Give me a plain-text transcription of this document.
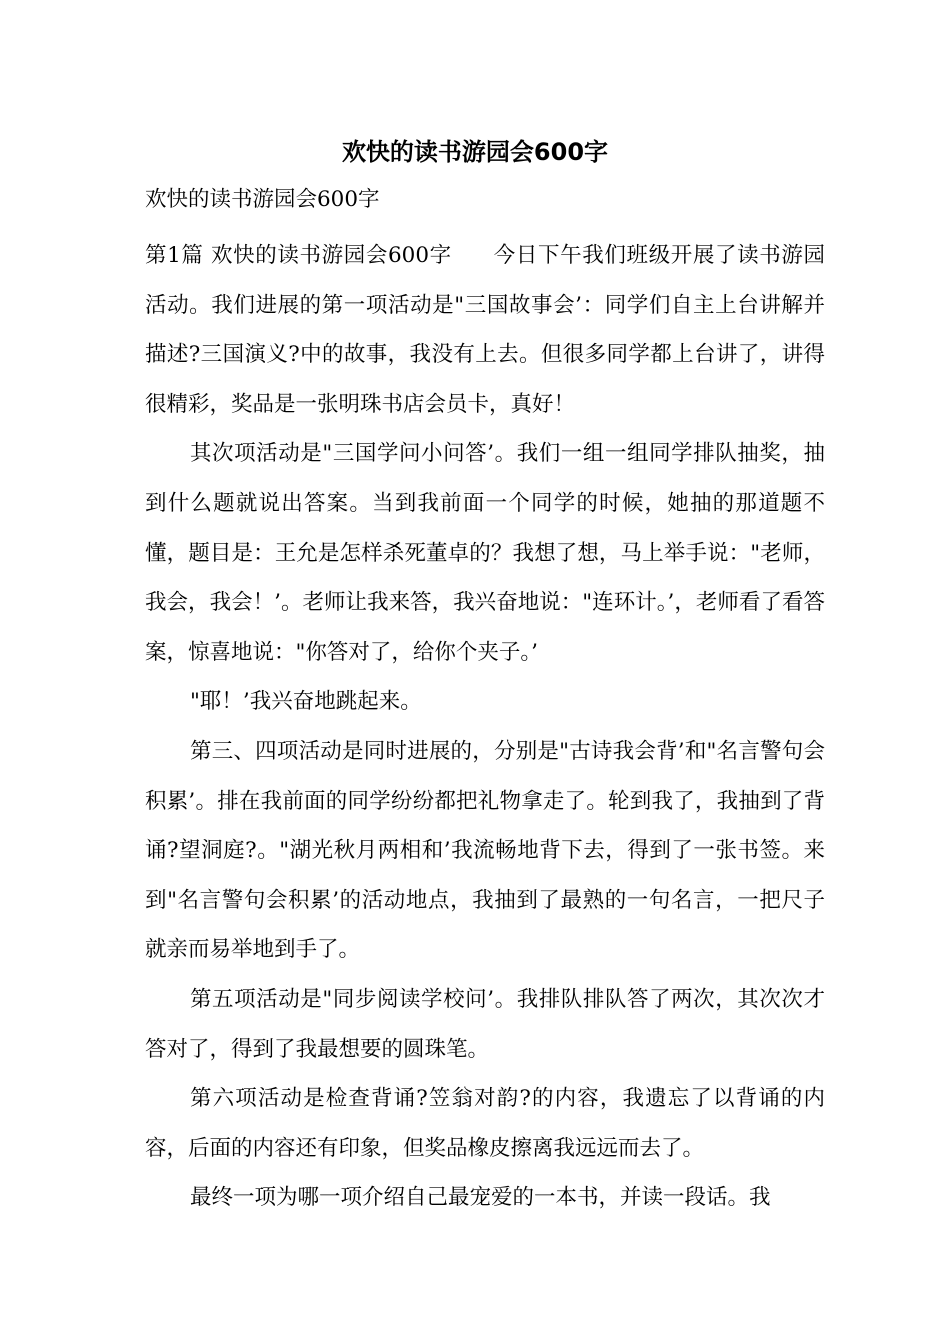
欢快的读书游园会600字
欢快的读书游园会600字

第1篇 欢快的读书游园会600字 今日下午我们班级开展了读书游园活动。我们进展的第一项活动是"三国故事会’：同学们自主上台讲解并描述?三国演义?中的故事，我没有上去。但很多同学都上台讲了，讲得很精彩，奖品是一张明珠书店会员卡，真好！

其次项活动是"三国学问小问答’。我们一组一组同学排队抽奖，抽到什么题就说出答案。当到我前面一个同学的时候，她抽的那道题不懂，题目是：王允是怎样杀死董卓的？我想了想，马上举手说："老师，我会，我会！’。老师让我来答，我兴奋地说："连环计。’，老师看了看答案，惊喜地说："你答对了，给你个夹子。’

"耶！’我兴奋地跳起来。

第三、四项活动是同时进展的，分别是"古诗我会背’和"名言警句会积累’。排在我前面的同学纷纷都把礼物拿走了。轮到我了，我抽到了背诵?望洞庭?。"湖光秋月两相和’我流畅地背下去，得到了一张书签。来到"名言警句会积累’的活动地点，我抽到了最熟的一句名言，一把尺子就亲而易举地到手了。

第五项活动是"同步阅读学校问’。我排队排队答了两次，其次次才答对了，得到了我最想要的圆珠笔。

第六项活动是检查背诵?笠翁对韵?的内容，我遗忘了以背诵的内容，后面的内容还有印象，但奖品橡皮擦离我远远而去了。

最终一项为哪一项介绍自己最宠爱的一本书，并读一段话。我
